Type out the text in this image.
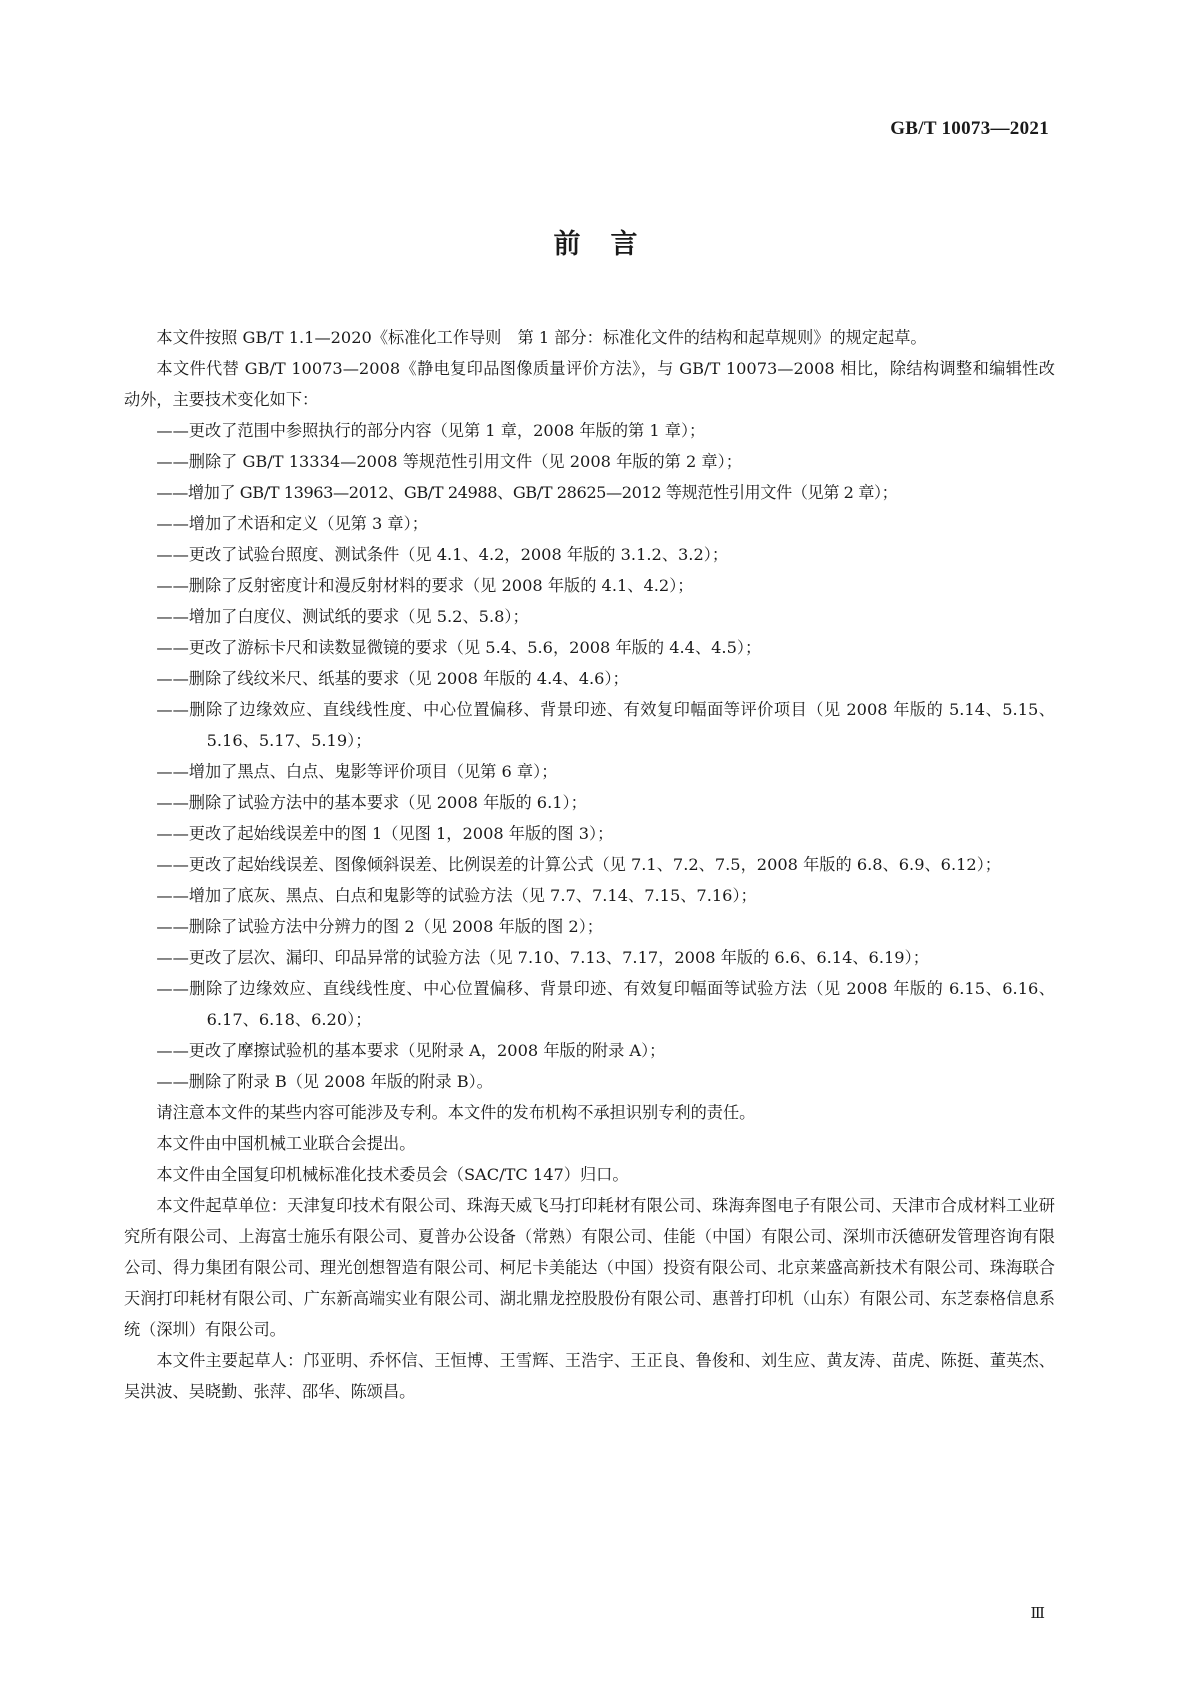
GB/T 10073—2021
前言

本文件按照 GB/T 1.1—2020《标准化工作导则　第 1 部分：标准化文件的结构和起草规则》的规定起草。

本文件代替 GB/T 10073—2008《静电复印品图像质量评价方法》，与 GB/T 10073—2008 相比，除结构调整和编辑性改动外，主要技术变化如下：

——更改了范围中参照执行的部分内容（见第 1 章，2008 年版的第 1 章）；

——删除了 GB/T 13334—2008 等规范性引用文件（见 2008 年版的第 2 章）；

——增加了 GB/T 13963—2012、GB/T 24988、GB/T 28625—2012 等规范性引用文件（见第 2 章）；

——增加了术语和定义（见第 3 章）；

——更改了试验台照度、测试条件（见 4.1、4.2，2008 年版的 3.1.2、3.2）；

——删除了反射密度计和漫反射材料的要求（见 2008 年版的 4.1、4.2）；

——增加了白度仪、测试纸的要求（见 5.2、5.8）；

——更改了游标卡尺和读数显微镜的要求（见 5.4、5.6，2008 年版的 4.4、4.5）；

——删除了线纹米尺、纸基的要求（见 2008 年版的 4.4、4.6）；

——删除了边缘效应、直线线性度、中心位置偏移、背景印迹、有效复印幅面等评价项目（见 2008 年版的 5.14、5.15、5.16、5.17、5.19）；

——增加了黑点、白点、鬼影等评价项目（见第 6 章）；

——删除了试验方法中的基本要求（见 2008 年版的 6.1）；

——更改了起始线误差中的图 1（见图 1，2008 年版的图 3）；

——更改了起始线误差、图像倾斜误差、比例误差的计算公式（见 7.1、7.2、7.5，2008 年版的 6.8、6.9、6.12）；

——增加了底灰、黑点、白点和鬼影等的试验方法（见 7.7、7.14、7.15、7.16）；

——删除了试验方法中分辨力的图 2（见 2008 年版的图 2）；

——更改了层次、漏印、印品异常的试验方法（见 7.10、7.13、7.17，2008 年版的 6.6、6.14、6.19）；

——删除了边缘效应、直线线性度、中心位置偏移、背景印迹、有效复印幅面等试验方法（见 2008 年版的 6.15、6.16、6.17、6.18、6.20）；

——更改了摩擦试验机的基本要求（见附录 A，2008 年版的附录 A）；

——删除了附录 B（见 2008 年版的附录 B）。

请注意本文件的某些内容可能涉及专利。本文件的发布机构不承担识别专利的责任。

本文件由中国机械工业联合会提出。

本文件由全国复印机械标准化技术委员会（SAC/TC 147）归口。

本文件起草单位：天津复印技术有限公司、珠海天威飞马打印耗材有限公司、珠海奔图电子有限公司、天津市合成材料工业研究所有限公司、上海富士施乐有限公司、夏普办公设备（常熟）有限公司、佳能（中国）有限公司、深圳市沃德研发管理咨询有限公司、得力集团有限公司、理光创想智造有限公司、柯尼卡美能达（中国）投资有限公司、北京莱盛高新技术有限公司、珠海联合天润打印耗材有限公司、广东新高端实业有限公司、湖北鼎龙控股股份有限公司、惠普打印机（山东）有限公司、东芝泰格信息系统（深圳）有限公司。

本文件主要起草人：邝亚明、乔怀信、王恒博、王雪辉、王浩宇、王正良、鲁俊和、刘生应、黄友涛、苗虎、陈挺、董英杰、吴洪波、吴晓勤、张萍、邵华、陈颂昌。

Ⅲ
